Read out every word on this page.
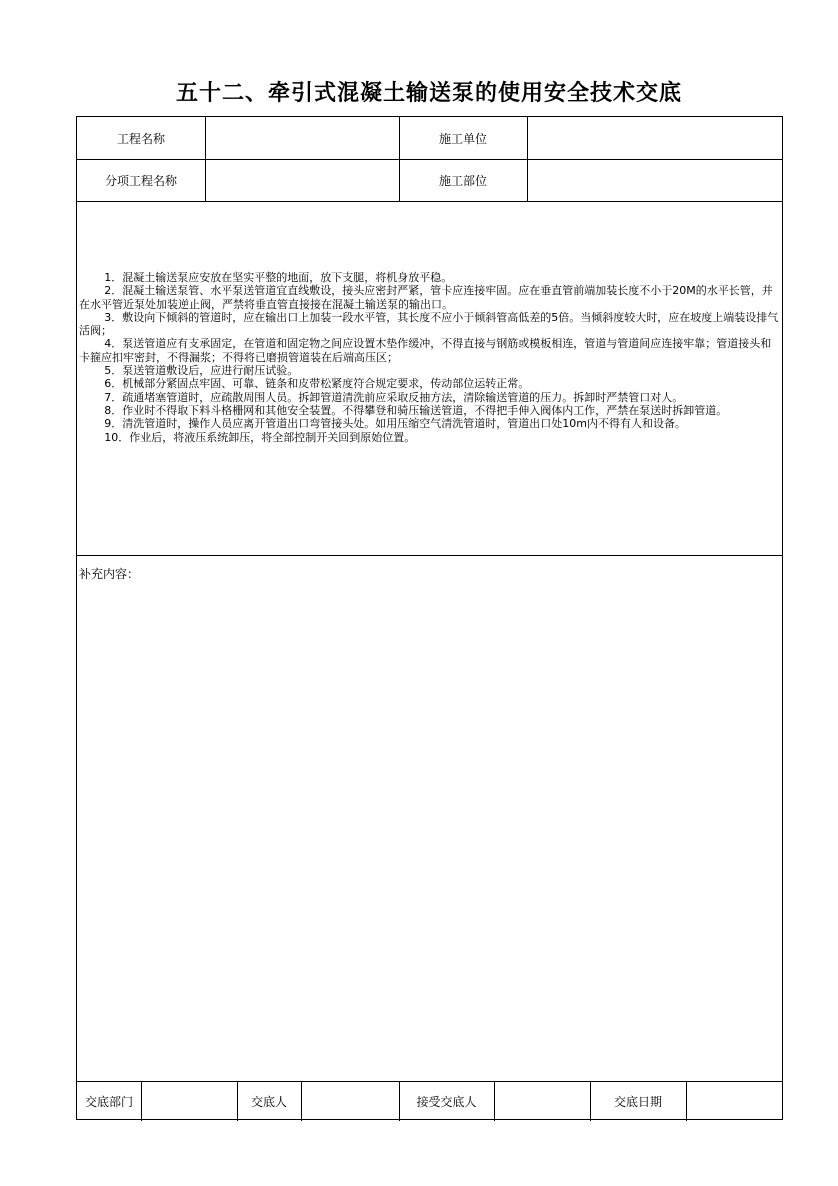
五十二、牵引式混凝土输送泵的使用安全技术交底
工程名称	施工单位
分项工程名称	施工部位

1．混凝土输送泵应安放在坚实平整的地面，放下支腿，将机身放平稳。

2．混凝土输送泵管、水平泵送管道宜直线敷设，接头应密封严紧，管卡应连接牢固。应在垂直管前端加装长度不小于20M的水平长管，并在水平管近泵处加装逆止阀，严禁将垂直管直接接在混凝土输送泵的输出口。

3．敷设向下倾斜的管道时，应在输出口上加装一段水平管，其长度不应小于倾斜管高低差的5倍。当倾斜度较大时，应在坡度上端装设排气活阀；

4．泵送管道应有支承固定，在管道和固定物之间应设置木垫作缓冲，不得直接与钢筋或模板相连，管道与管道间应连接牢靠；管道接头和卡箍应扣牢密封，不得漏浆；不得将已磨损管道装在后端高压区；

5．泵送管道敷设后，应进行耐压试验。

6．机械部分紧固点牢固、可靠、链条和皮带松紧度符合规定要求，传动部位运转正常。

7．疏通堵塞管道时，应疏散周围人员。拆卸管道清洗前应采取反抽方法，清除输送管道的压力。拆卸时严禁管口对人。

8．作业时不得取下料斗格栅网和其他安全装置。不得攀登和骑压输送管道，不得把手伸入阀体内工作，严禁在泵送时拆卸管道。

9．清洗管道时，操作人员应离开管道出口弯管接头处。如用压缩空气清洗管道时，管道出口处10m内不得有人和设备。

10．作业后，将液压系统卸压，将全部控制开关回到原始位置。

补充内容：
交底部门	交底人	接受交底人	交底日期
